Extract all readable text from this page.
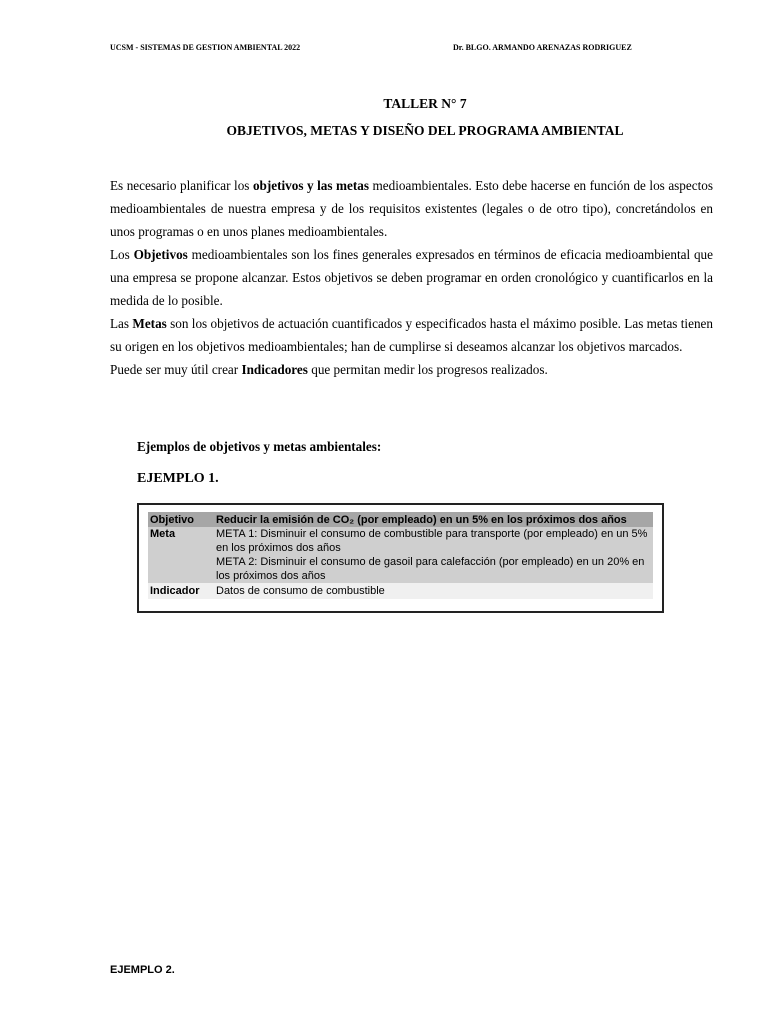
UCSM - SISTEMAS DE GESTION AMBIENTAL 2022	Dr. BLGO. ARMANDO ARENAZAS RODRIGUEZ
TALLER N° 7
OBJETIVOS, METAS Y DISEÑO DEL PROGRAMA AMBIENTAL

Es necesario planificar los objetivos y las metas medioambientales. Esto debe hacerse en función de los aspectos medioambientales de nuestra empresa y de los requisitos existentes (legales o de otro tipo), concretándolos en unos programas o en unos planes medioambientales.

Los Objetivos medioambientales son los fines generales expresados en términos de eficacia medioambiental que una empresa se propone alcanzar. Estos objetivos se deben programar en orden cronológico y cuantificarlos en la medida de lo posible.

Las Metas son los objetivos de actuación cuantificados y especificados hasta el máximo posible. Las metas tienen su origen en los objetivos medioambientales; han de cumplirse si deseamos alcanzar los objetivos marcados.

Puede ser muy útil crear Indicadores que permitan medir los progresos realizados.

Ejemplos de objetivos y metas ambientales:
EJEMPLO 1.
Objetivo	Reducir la emisión de CO₂ (por empleado) en un 5% en los próximos dos años
Meta	META 1: Disminuir el consumo de combustible para transporte (por empleado) en un 5% en los próximos dos años
META 2: Disminuir el consumo de gasoil para calefacción (por empleado) en un 20% en los próximos dos años

Indicador	Datos de consumo de combustible
EJEMPLO 2.
